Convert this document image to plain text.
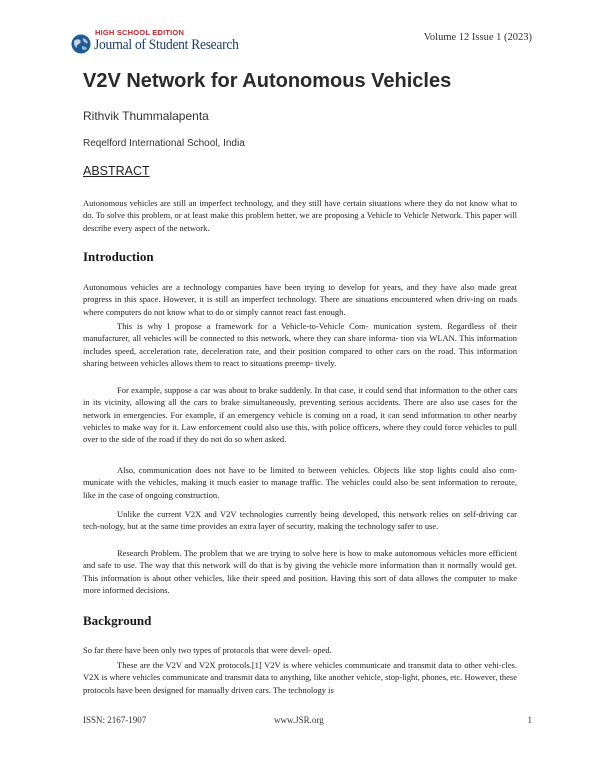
HIGH SCHOOL EDITION
Journal of Student Research	Volume 12 Issue 1 (2023)
V2V Network for Autonomous Vehicles
Rithvik Thummalapenta
Reqelford International School, India
ABSTRACT

Autonomous vehicles are still an imperfect technology, and they still have certain situations where they do not know what to do. To solve this problem, or at least make this problem better, we are proposing a Vehicle to Vehicle Network. This paper will describe every aspect of the network.

Introduction

Autonomous vehicles are a technology companies have been trying to develop for years, and they have also made great progress in this space. However, it is still an imperfect technology. There are situations encountered when driv-ing on roads where computers do not know what to do or simply cannot react fast enough.

This is why I propose a framework for a Vehicle-to-Vehicle Com- munication system. Regardless of their manufacturer, all vehicles will be connected to this network, where they can share informa- tion via WLAN. This information includes speed, acceleration rate, deceleration rate, and their position compared to other cars on the road. This information sharing between vehicles allows them to react to situations preemp- tively.

For example, suppose a car was about to brake suddenly. In that case, it could send that information to the other cars in its vicinity, allowing all the cars to brake simultaneously, preventing serious accidents. There are also use cases for the network in emergencies. For example, if an emergency vehicle is coming on a road, it can send information to other nearby vehicles to make way for it. Law enforcement could also use this, with police officers, where they could force vehicles to pull over to the side of the road if they do not do so when asked.

Also, communication does not have to be limited to between vehicles. Objects like stop lights could also com-municate with the vehicles, making it much easier to manage traffic. The vehicles could also be sent information to reroute, like in the case of ongoing construction.

Unlike the current V2X and V2V technologies currently being developed, this network relies on self-driving car tech-nology, but at the same time provides an extra layer of security, making the technology safer to use.

Research Problem. The problem that we are trying to solve here is how to make autonomous vehicles more efficient and safe to use. The way that this network will do that is by giving the vehicle more information than it normally would get. This information is about other vehicles, like their speed and position. Having this sort of data allows the computer to make more informed decisions.

Background

So far there have been only two types of protocols that were devel- oped.

These are the V2V and V2X protocols.[1] V2V is where vehicles communicate and transmit data to other vehi-cles. V2X is where vehicles communicate and transmit data to anything, like another vehicle, stop-light, phones, etc. However, these protocols have been designed for manually driven cars. The technology is

ISSN: 2167-1907	www.JSR.org	1
